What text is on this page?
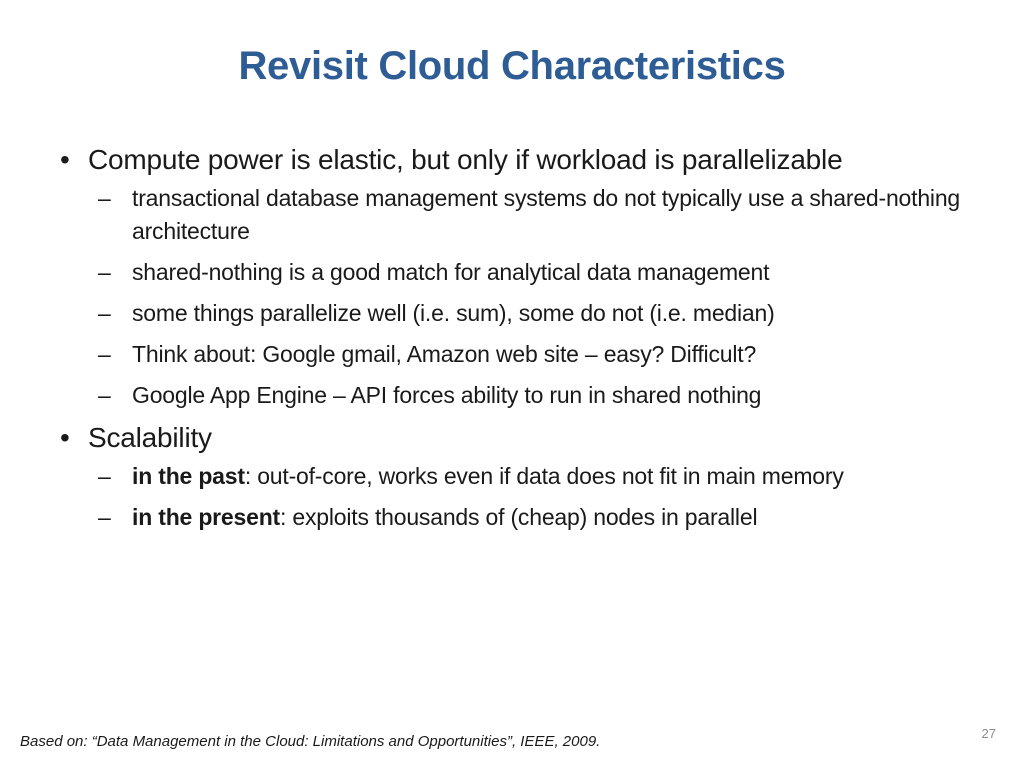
Revisit Cloud Characteristics
• Compute power is elastic, but only if workload is parallelizable
– transactional database management systems do not typically use a shared-nothing architecture
– shared-nothing is a good match for analytical data management
– some things parallelize well (i.e. sum), some do not (i.e. median)
– Think about: Google gmail, Amazon web site – easy? Difficult?
– Google App Engine – API forces ability to run in shared nothing
• Scalability
– in the past: out-of-core, works even if data does not fit in main memory
– in the present: exploits thousands of (cheap) nodes in parallel
Based on: “Data Management in the Cloud: Limitations and Opportunities”, IEEE, 2009.	27
